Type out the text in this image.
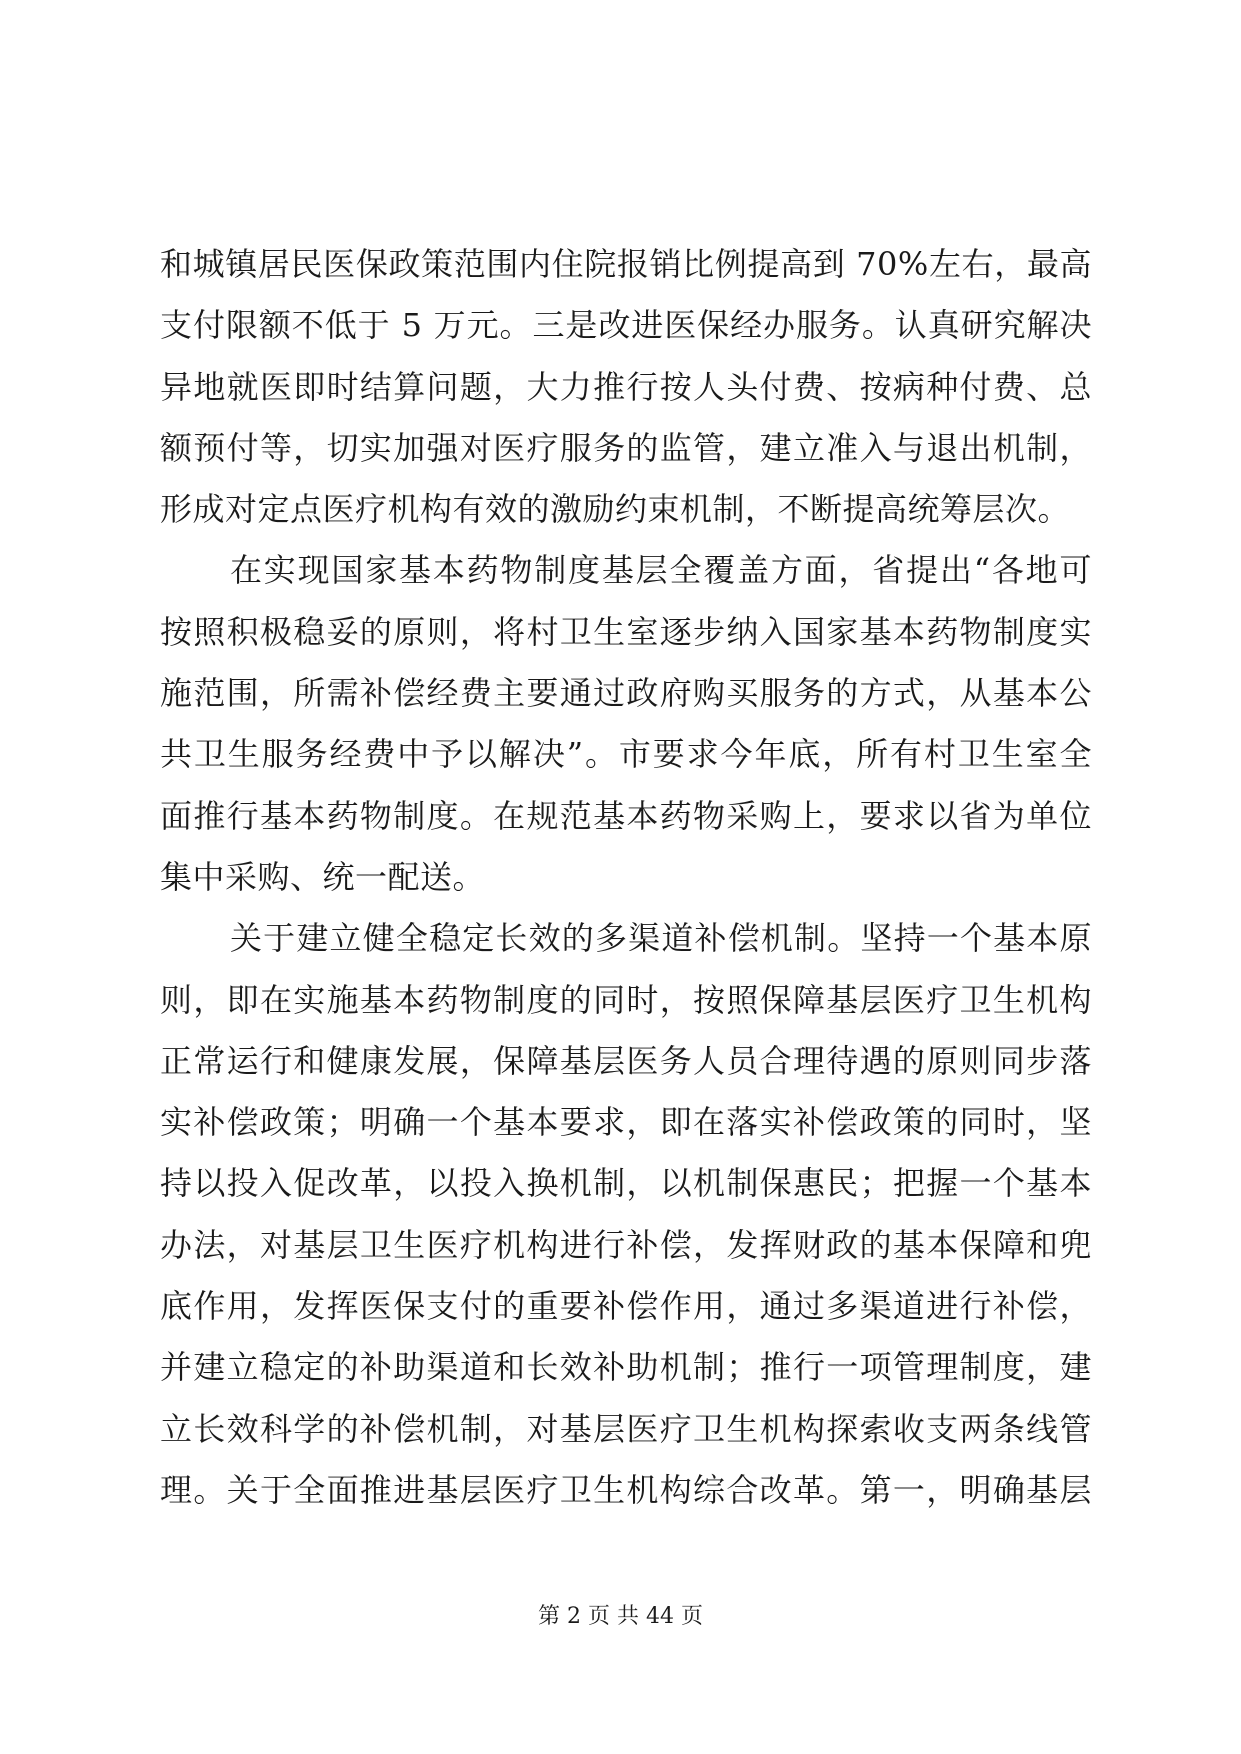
和城镇居民医保政策范围内住院报销比例提高到 70%左右，最高
支付限额不低于 5 万元。三是改进医保经办服务。认真研究解决
异地就医即时结算问题，大力推行按人头付费、按病种付费、总
额预付等，切实加强对医疗服务的监管，建立准入与退出机制，
形成对定点医疗机构有效的激励约束机制，不断提高统筹层次。
在实现国家基本药物制度基层全覆盖方面，省提出“各地可
按照积极稳妥的原则，将村卫生室逐步纳入国家基本药物制度实
施范围，所需补偿经费主要通过政府购买服务的方式，从基本公
共卫生服务经费中予以解决”。市要求今年底，所有村卫生室全
面推行基本药物制度。在规范基本药物采购上，要求以省为单位
集中采购、统一配送。
关于建立健全稳定长效的多渠道补偿机制。坚持一个基本原
则，即在实施基本药物制度的同时，按照保障基层医疗卫生机构
正常运行和健康发展，保障基层医务人员合理待遇的原则同步落
实补偿政策；明确一个基本要求，即在落实补偿政策的同时，坚
持以投入促改革，以投入换机制，以机制保惠民；把握一个基本
办法，对基层卫生医疗机构进行补偿，发挥财政的基本保障和兜
底作用，发挥医保支付的重要补偿作用，通过多渠道进行补偿，
并建立稳定的补助渠道和长效补助机制；推行一项管理制度，建
立长效科学的补偿机制，对基层医疗卫生机构探索收支两条线管
理。关于全面推进基层医疗卫生机构综合改革。第一，明确基层
第 2 页 共 44 页
